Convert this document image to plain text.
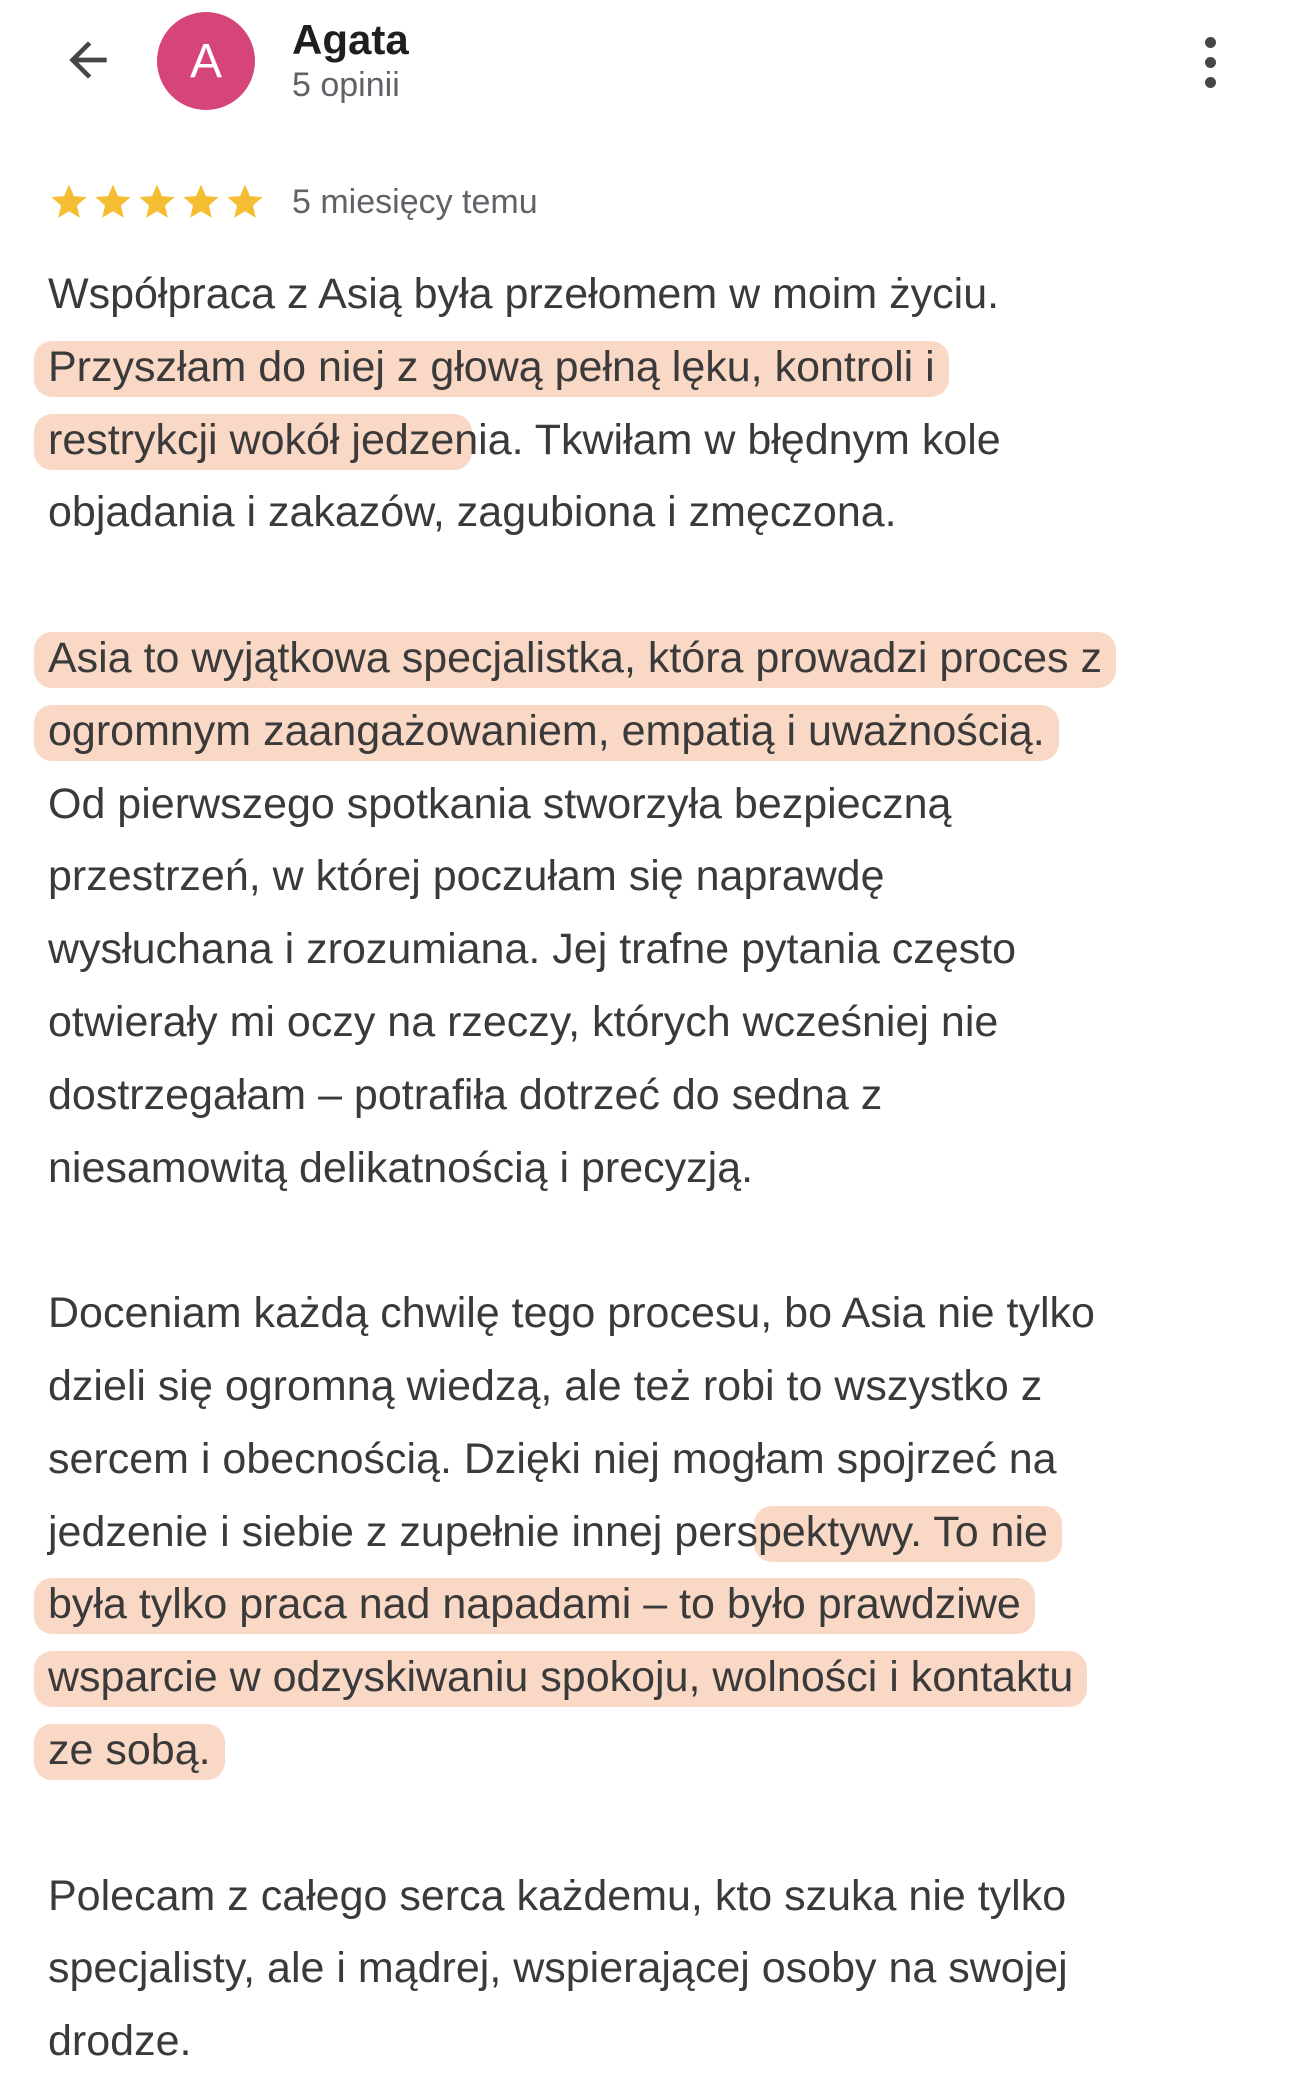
A Agata
5 opinii
5 miesięcy temu
Współpraca z Asią była przełomem w moim życiu.
Przyszłam do niej z głową pełną lęku, kontroli i
restrykcji wokół jedzenia. Tkwiłam w błędnym kole
objadania i zakazów, zagubiona i zmęczona.
Asia to wyjątkowa specjalistka, która prowadzi proces z
ogromnym zaangażowaniem, empatią i uważnością.
Od pierwszego spotkania stworzyła bezpieczną
przestrzeń, w której poczułam się naprawdę
wysłuchana i zrozumiana. Jej trafne pytania często
otwierały mi oczy na rzeczy, których wcześniej nie
dostrzegałam – potrafiła dotrzeć do sedna z
niesamowitą delikatnością i precyzją.
Doceniam każdą chwilę tego procesu, bo Asia nie tylko
dzieli się ogromną wiedzą, ale też robi to wszystko z
sercem i obecnością. Dzięki niej mogłam spojrzeć na
jedzenie i siebie z zupełnie innej perspektywy. To nie
była tylko praca nad napadami – to było prawdziwe
wsparcie w odzyskiwaniu spokoju, wolności i kontaktu
ze sobą.
Polecam z całego serca każdemu, kto szuka nie tylko
specjalisty, ale i mądrej, wspierającej osoby na swojej
drodze.
